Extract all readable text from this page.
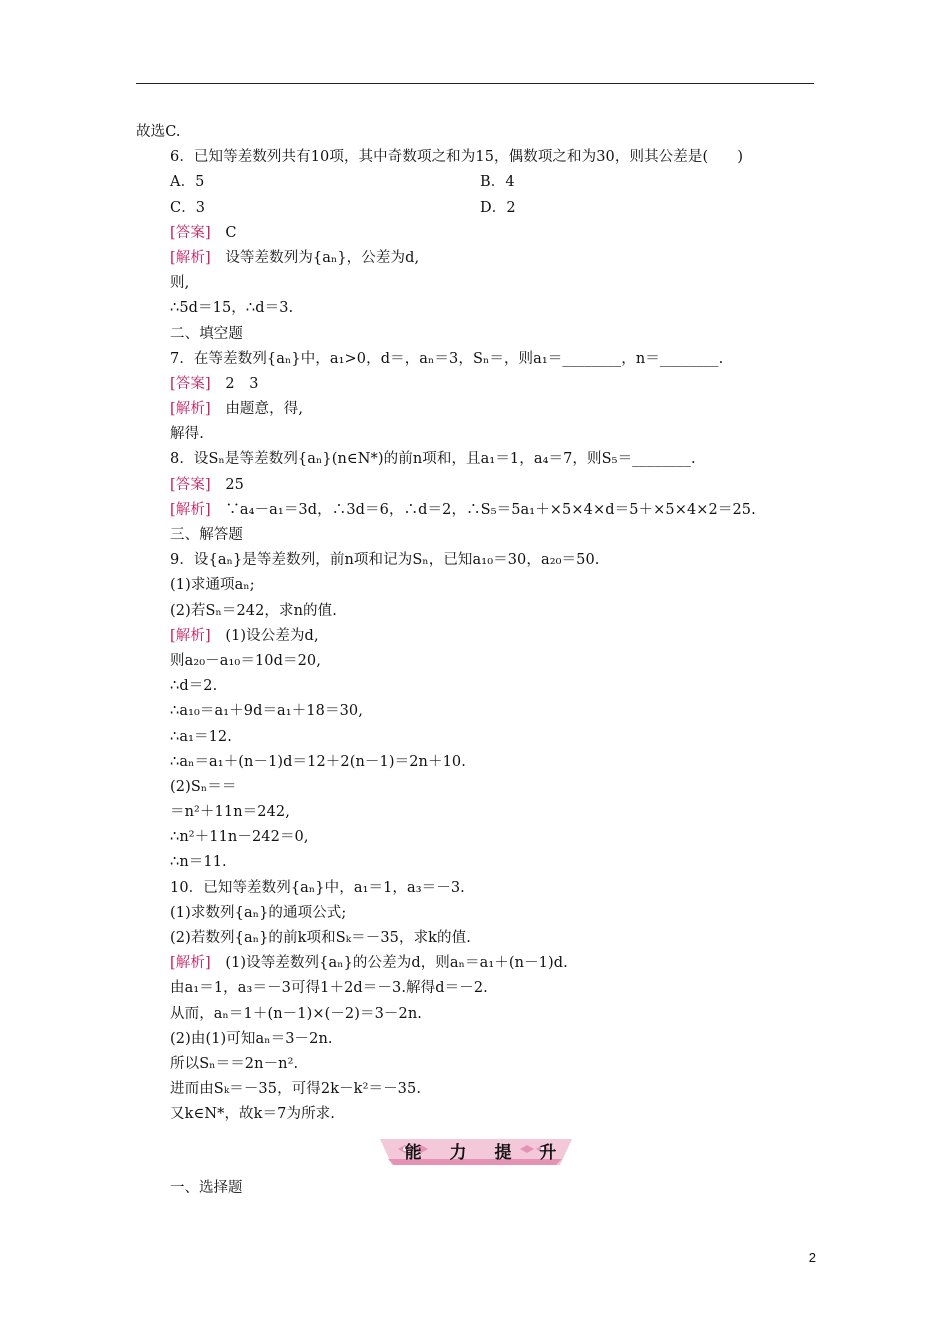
故选C.
6．已知等差数列共有10项，其中奇数项之和为15，偶数项之和为30，则其公差是(　　)
A．5	B．4
C．3	D．2
[答案]　C
[解析]　设等差数列为{aₙ}，公差为d,
则,
∴5d＝15，∴d＝3.
二、填空题
7．在等差数列{aₙ}中，a₁>0，d＝，aₙ＝3，Sₙ＝，则a₁＝________，n＝________.
[答案]　2　3
[解析]　由题意，得,
解得.
8．设Sₙ是等差数列{aₙ}(n∈N*)的前n项和，且a₁＝1，a₄＝7，则S₅＝________.
[答案]　25
[解析]　∵a₄－a₁＝3d，∴3d＝6，∴d＝2，∴S₅＝5a₁＋×5×4×d＝5＋×5×4×2＝25.
三、解答题
9．设{aₙ}是等差数列，前n项和记为Sₙ，已知a₁₀＝30，a₂₀＝50.
(1)求通项aₙ;
(2)若Sₙ＝242，求n的值.
[解析]　(1)设公差为d,
则a₂₀－a₁₀＝10d＝20,
∴d＝2.
∴a₁₀＝a₁＋9d＝a₁＋18＝30,
∴a₁＝12.
∴aₙ＝a₁＋(n－1)d＝12＋2(n－1)＝2n＋10.
(2)Sₙ＝＝
＝n²＋11n＝242,
∴n²＋11n－242＝0,
∴n＝11.
10．已知等差数列{aₙ}中，a₁＝1，a₃＝－3.
(1)求数列{aₙ}的通项公式;
(2)若数列{aₙ}的前k项和Sₖ＝－35，求k的值.
[解析]　(1)设等差数列{aₙ}的公差为d，则aₙ＝a₁＋(n－1)d.
由a₁＝1，a₃＝－3可得1＋2d＝－3.解得d＝－2.
从而，aₙ＝1＋(n－1)×(－2)＝3－2n.
(2)由(1)可知aₙ＝3－2n.
所以Sₙ＝＝2n－n².
进而由Sₖ＝－35，可得2k－k²＝－35.
又k∈N*，故k＝7为所求.
能 力 提 升
一、选择题
2
